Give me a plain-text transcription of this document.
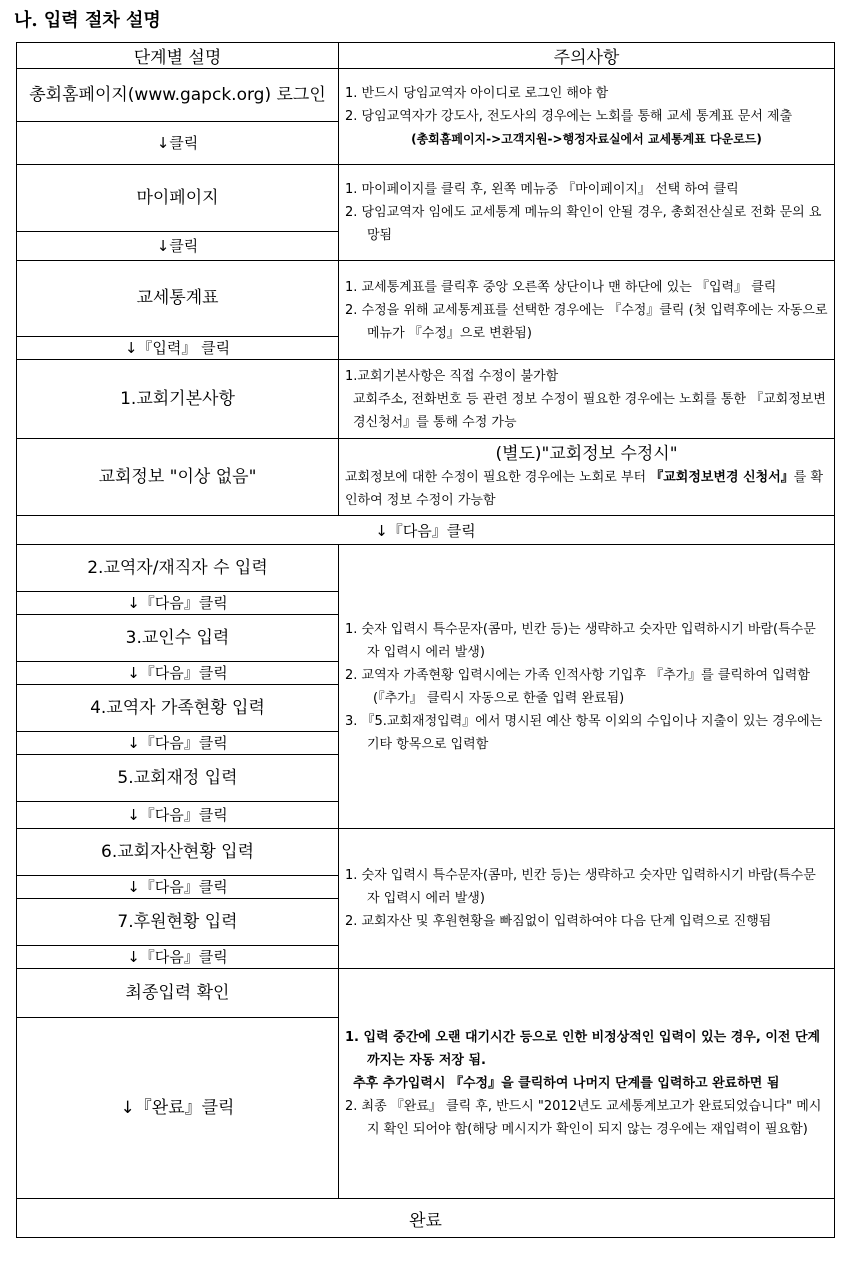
나. 입력 절차 설명
단계별 설명	주의사항
총회홈페이지(www.gapck.org) 로그인	1. 반드시 당임교역자 아이디로 로그인 해야 함
2. 당임교역자가 강도사, 전도사의 경우에는 노회를 통해 교세 통계표 문서 제출
(총회홈페이지->고객지원->행정자료실에서 교세통계표 다운로드)

↓클릭	
마이페이지	1. 마이페이지를 클릭 후, 왼쪽 메뉴중 『마이페이지』 선택 하여 클릭
2. 당임교역자 임에도 교세통계 메뉴의 확인이 안될 경우, 총회전산실로 전화 문의 요망됨

↓클릭	
교세통계표	1. 교세통계표를 클릭후 중앙 오른쪽 상단이나 맨 하단에 있는 『입력』 클릭
2. 수정을 위해 교세통계표를 선택한 경우에는 『수정』클릭 (첫 입력후에는 자동으로 메뉴가 『수정』으로 변환됨)

↓『입력』 클릭	
1.교회기본사항	1.교회기본사항은 직접 수정이 불가함
교회주소, 전화번호 등 관련 정보 수정이 필요한 경우에는 노회를 통한 『교회정보변경신청서』를 통해 수정 가능

교회정보 "이상 없음"	(별도)"교회정보 수정시"
교회정보에 대한 수정이 필요한 경우에는 노회로 부터 『교회정보변경 신청서』를 확인하여 정보 수정이 가능함

↓『다음』클릭	
2.교역자/재직자 수 입력	1. 숫자 입력시 특수문자(콤마, 빈칸 등)는 생략하고 숫자만 입력하시기 바람(특수문자 입력시 에러 발생)
2. 교역자 가족현황 입력시에는 가족 인적사항 기입후 『추가』를 클릭하여 입력함
(『추가』 클릭시 자동으로 한줄 입력 완료됨)
3. 『5.교회재정입력』에서 명시된 예산 항목 이외의 수입이나 지출이 있는 경우에는 기타 항목으로 입력함

↓『다음』클릭	
3.교인수 입력	
↓『다음』클릭	
4.교역자 가족현황 입력	
↓『다음』클릭	
5.교회재정 입력	
↓『다음』클릭	
6.교회자산현황 입력	1. 숫자 입력시 특수문자(콤마, 빈칸 등)는 생략하고 숫자만 입력하시기 바람(특수문자 입력시 에러 발생)
2. 교회자산 및 후원현황을 빠짐없이 입력하여야 다음 단계 입력으로 진행됨

↓『다음』클릭	
7.후원현황 입력	
↓『다음』클릭	
최종입력 확인	1. 입력 중간에 오랜 대기시간 등으로 인한 비정상적인 입력이 있는 경우, 이전 단계까지는 자동 저장 됨.
추후 추가입력시 『수정』을 클릭하여 나머지 단계를 입력하고 완료하면 됨
2. 최종 『완료』 클릭 후, 반드시 "2012년도 교세통계보고가 완료되었습니다" 메시지 확인 되어야 함(해당 메시지가 확인이 되지 않는 경우에는 재입력이 필요함)

↓『완료』클릭	
완료	
